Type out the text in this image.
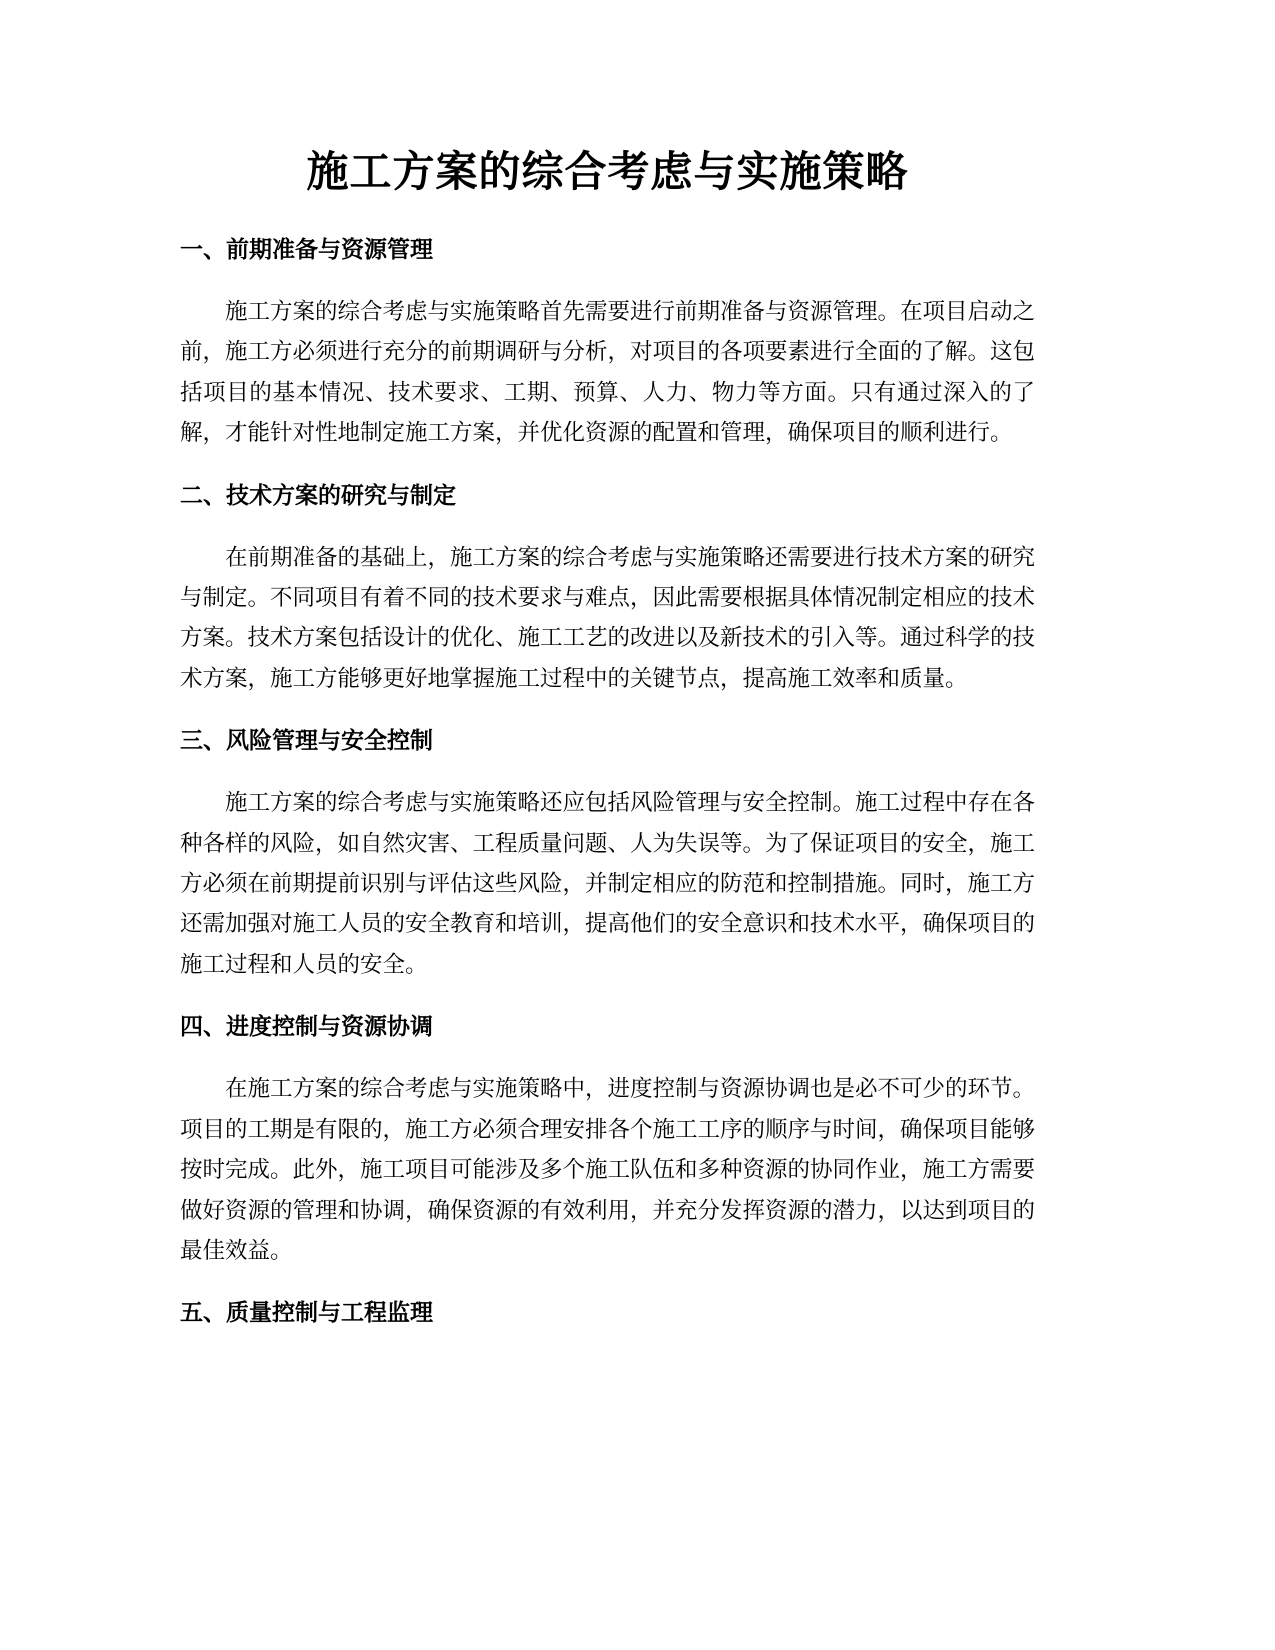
施工方案的综合考虑与实施策略
一、前期准备与资源管理

施工方案的综合考虑与实施策略首先需要进行前期准备与资源管理。在项目启动之前，施工方必须进行充分的前期调研与分析，对项目的各项要素进行全面的了解。这包括项目的基本情况、技术要求、工期、预算、人力、物力等方面。只有通过深入的了解，才能针对性地制定施工方案，并优化资源的配置和管理，确保项目的顺利进行。

二、技术方案的研究与制定

在前期准备的基础上，施工方案的综合考虑与实施策略还需要进行技术方案的研究与制定。不同项目有着不同的技术要求与难点，因此需要根据具体情况制定相应的技术方案。技术方案包括设计的优化、施工工艺的改进以及新技术的引入等。通过科学的技术方案，施工方能够更好地掌握施工过程中的关键节点，提高施工效率和质量。

三、风险管理与安全控制

施工方案的综合考虑与实施策略还应包括风险管理与安全控制。施工过程中存在各种各样的风险，如自然灾害、工程质量问题、人为失误等。为了保证项目的安全，施工方必须在前期提前识别与评估这些风险，并制定相应的防范和控制措施。同时，施工方还需加强对施工人员的安全教育和培训，提高他们的安全意识和技术水平，确保项目的施工过程和人员的安全。

四、进度控制与资源协调

在施工方案的综合考虑与实施策略中，进度控制与资源协调也是必不可少的环节。项目的工期是有限的，施工方必须合理安排各个施工工序的顺序与时间，确保项目能够按时完成。此外，施工项目可能涉及多个施工队伍和多种资源的协同作业，施工方需要做好资源的管理和协调，确保资源的有效利用，并充分发挥资源的潜力，以达到项目的最佳效益。

五、质量控制与工程监理
